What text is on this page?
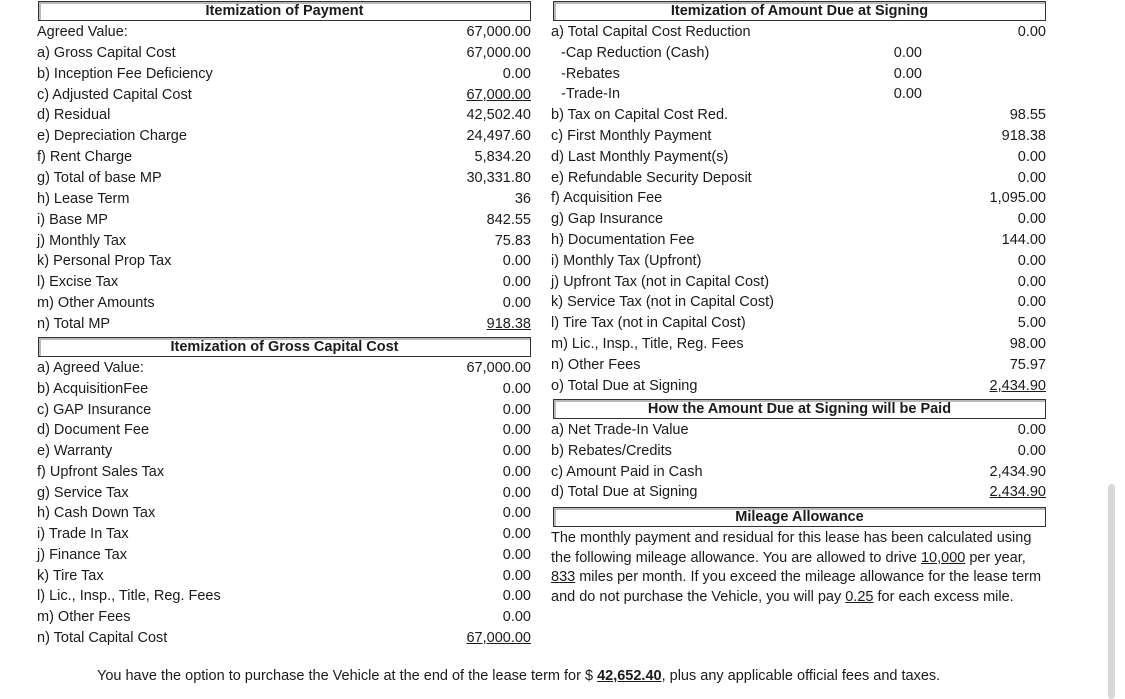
Itemization of Payment
Agreed Value:	67,000.00
a) Gross Capital Cost	67,000.00
b) Inception Fee Deficiency	0.00
c) Adjusted Capital Cost	67,000.00
d) Residual	42,502.40
e) Depreciation Charge	24,497.60
f) Rent Charge	5,834.20
g) Total of base MP	30,331.80
h) Lease Term	36
i) Base MP	842.55
j) Monthly Tax	75.83
k) Personal Prop Tax	0.00
l) Excise Tax	0.00
m) Other Amounts	0.00
n) Total MP	918.38
Itemization of Gross Capital Cost
a) Agreed Value:	67,000.00
b) AcquisitionFee	0.00
c) GAP Insurance	0.00
d) Document Fee	0.00
e) Warranty	0.00
f) Upfront Sales Tax	0.00
g) Service Tax	0.00
h) Cash Down Tax	0.00
i) Trade In Tax	0.00
j) Finance Tax	0.00
k) Tire Tax	0.00
l) Lic., Insp., Title, Reg. Fees	0.00
m) Other Fees	0.00
n) Total Capital Cost	67,000.00
Itemization of Amount Due at Signing
a) Total Capital Cost Reduction	0.00
-Cap Reduction (Cash)	0.00
-Rebates	0.00
-Trade-In	0.00
b) Tax on Capital Cost Red.	98.55
c) First Monthly Payment	918.38
d) Last Monthly Payment(s)	0.00
e) Refundable Security Deposit	0.00
f) Acquisition Fee	1,095.00
g) Gap Insurance	0.00
h) Documentation Fee	144.00
i) Monthly Tax (Upfront)	0.00
j) Upfront Tax (not in Capital Cost)	0.00
k) Service Tax (not in Capital Cost)	0.00
l) Tire Tax (not in Capital Cost)	5.00
m) Lic., Insp., Title, Reg. Fees	98.00
n) Other Fees	75.97
o) Total Due at Signing	2,434.90
How the Amount Due at Signing will be Paid
a) Net Trade-In Value	0.00
b) Rebates/Credits	0.00
c) Amount Paid in Cash	2,434.90
d) Total Due at Signing	2,434.90
Mileage Allowance
The monthly payment and residual for this lease has been calculated using the following mileage allowance. You are allowed to drive 10,000 per year, 833 miles per month. If you exceed the mileage allowance for the lease term and do not purchase the Vehicle, you will pay 0.25 for each excess mile.
You have the option to purchase the Vehicle at the end of the lease term for $ 42,652.40, plus any applicable official fees and taxes.
